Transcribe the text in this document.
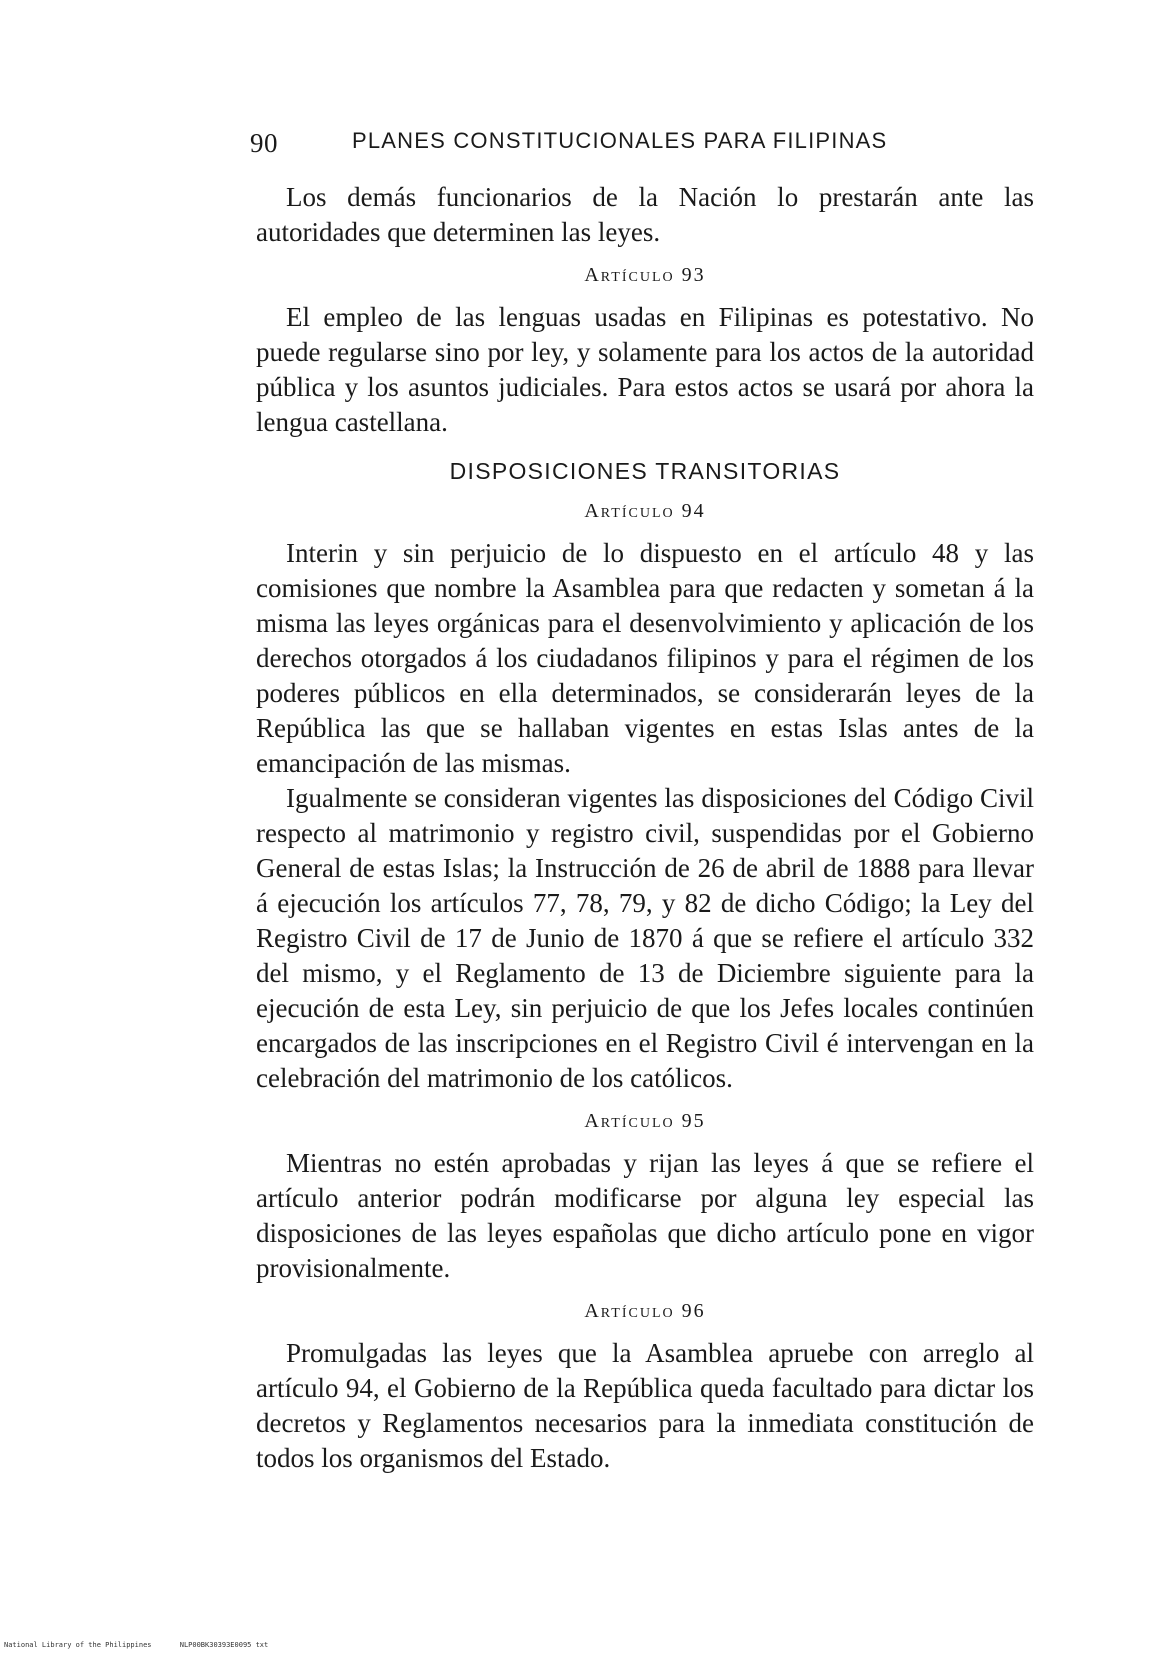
90	PLANES CONSTITUCIONALES PARA FILIPINAS

Los demás funcionarios de la Nación lo prestarán ante las autoridades que determinen las leyes.

Artículo 93

El empleo de las lenguas usadas en Filipinas es potestativo. No puede regularse sino por ley, y solamente para los actos de la autoridad pública y los asuntos judiciales. Para estos actos se usará por ahora la lengua castellana.

DISPOSICIONES TRANSITORIAS
Artículo 94

Interin y sin perjuicio de lo dispuesto en el artículo 48 y las comisiones que nombre la Asamblea para que redacten y sometan á la misma las leyes orgánicas para el desenvolvimiento y aplicación de los derechos otorgados á los ciudadanos filipinos y para el régimen de los poderes públicos en ella determinados, se considerarán leyes de la República las que se hallaban vigentes en estas Islas antes de la emancipación de las mismas.

Igualmente se consideran vigentes las disposiciones del Código Civil respecto al matrimonio y registro civil, suspendidas por el Gobierno General de estas Islas; la Instrucción de 26 de abril de 1888 para llevar á ejecución los artículos 77, 78, 79, y 82 de dicho Código; la Ley del Registro Civil de 17 de Junio de 1870 á que se refiere el artículo 332 del mismo, y el Reglamento de 13 de Diciembre siguiente para la ejecución de esta Ley, sin perjuicio de que los Jefes locales continúen encargados de las inscripciones en el Registro Civil é intervengan en la celebración del matrimonio de los católicos.

Artículo 95

Mientras no estén aprobadas y rijan las leyes á que se refiere el artículo anterior podrán modificarse por alguna ley especial las disposiciones de las leyes españolas que dicho artículo pone en vigor provisionalmente.

Artículo 96

Promulgadas las leyes que la Asamblea apruebe con arreglo al artículo 94, el Gobierno de la República queda facultado para dictar los decretos y Reglamentos necesarios para la inmediata constitución de todos los organismos del Estado.

National Library of the Philippines	NLP00BK30393E0095 txt
